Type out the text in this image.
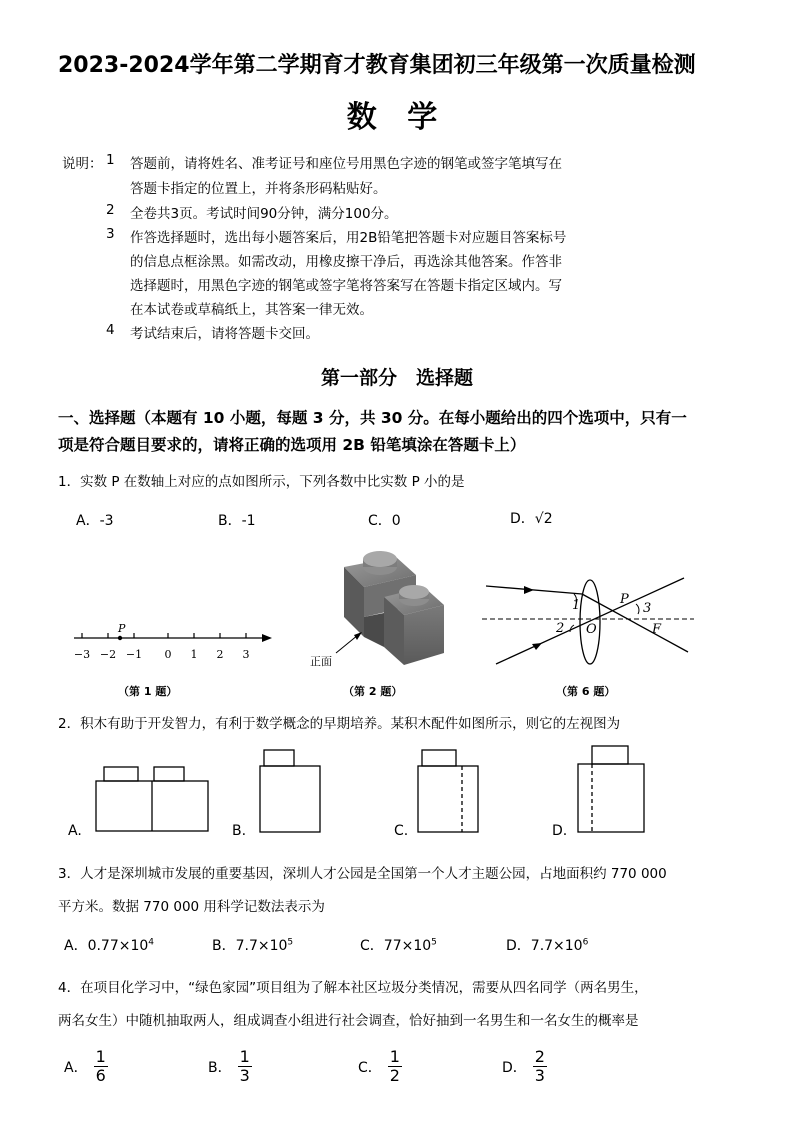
2023-2024学年第二学期育才教育集团初三年级第一次质量检测
数 学
说明： 1 答题前，请将姓名、准考证号和座位号用黑色字迹的钢笔或签字笔填写在
答题卡指定的位置上，并将条形码粘贴好。
2 全卷共3页。考试时间90分钟，满分100分。
3 作答选择题时，选出每小题答案后，用2B铅笔把答题卡对应题目答案标号
的信息点框涂黑。如需改动，用橡皮擦干净后，再选涂其他答案。作答非
选择题时，用黑色字迹的钢笔或签字笔将答案写在答题卡指定区域内。写
在本试卷或草稿纸上，其答案一律无效。
4 考试结束后，请将答题卡交回。
第一部分　选择题
一、选择题（本题有 10 小题，每题 3 分，共 30 分。在每小题给出的四个选项中，只有一
项是符合题目要求的，请将正确的选项用 2B 铅笔填涂在答题卡上）
1．实数 P 在数轴上对应的点如图所示，下列各数中比实数 P 小的是
A．-3	B．-1	C．0	D．√2
P
−3 −2 −1 0 1 2 3
（第 1 题）
正面
（第 2 题）
1
2
P
3
O	F
（第 6 题）
2．积木有助于开发智力，有利于数学概念的早期培养。某积木配件如图所示，则它的左视图为
A.	B.	C.	D.
3．人才是深圳城市发展的重要基因，深圳人才公园是全国第一个人才主题公园，占地面积约 770 000
平方米。数据 770 000 用科学记数法表示为
A．$0.77\times 10^4$	B．$7.7\times 10^5$	C．$77\times 10^5$	D．$7.7\times 10^6$
4．在项目化学习中，“绿色家园”项目组为了解本社区垃圾分类情况，需要从四名同学（两名男生，
两名女生）中随机抽取两人，组成调查小组进行社会调查，恰好抽到一名男生和一名女生的概率是
A． $\frac{1}{6}$	B． $\frac{1}{3}$	C． $\frac{1}{2}$	D． $\frac{2}{3}$
